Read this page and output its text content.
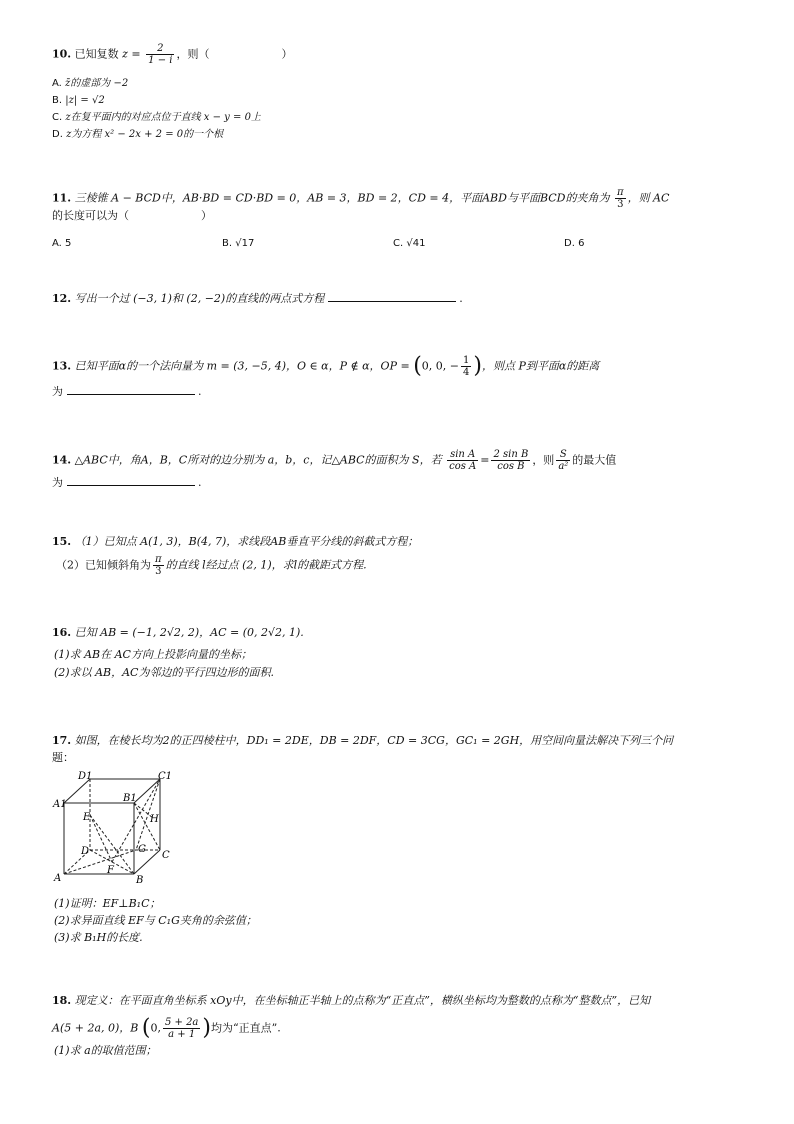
10. 已知复数 $z = \frac{2}{1 - i}$ ，则（	）
A. z̄的虚部为 −2
B. |z| = √2
C. z在复平面内的对应点位于直线 x − y = 0上
D. z为方程 x² − 2x + 2 = 0的一个根
11. 三棱锥 A − BCD中，AB·BD = CD·BD = 0，AB = 3，BD = 2，CD = 4，平面ABD与平面BCD的夹角为 $\frac{\pi}{3}$ ，则 AC
的长度可以为（	）
A. 5	B. √17	C. √41	D. 6
12. 写出一个过 (−3, 1)和 (2, −2)的直线的两点式方程	.
13. 已知平面α的一个法向量为 m = (3, −5, 4)，O ∈ α，P ∉ α，OP = (0, 0, − $\frac{1}{4}$ )，则点 P到平面α的距离
为	.
14. △ABC中，角A，B，C所对的边分别为 a，b，c，记△ABC的面积为 S，若 $\frac{\text{sin A}}{\text{cos A}} = \frac{\text{2 sin B}}{\text{cos B}}$ ，则 $\frac{S}{\text{a²}}$ 的最大值
为	.
15. （1）已知点 A(1, 3)，B(4, 7)，求线段AB垂直平分线的斜截式方程；
（2）已知倾斜角为 $\frac{\pi}{3}$ 的直线 l经过点 (2, 1)，求l的截距式方程.
16. 已知 AB = (−1, 2√2, 2)，AC = (0, 2√2, 1).
(1)求 AB在 AC方向上投影向量的坐标；
(2)求以 AB，AC为邻边的平行四边形的面积.
17. 如图，在棱长均为2的正四棱柱中，DD₁ = 2DE，DB = 2DF，CD = 3CG，GC₁ = 2GH，用空间向量法解决下列三个问
题：
D1	C1
A1
B1
E	H
G
D	C
F
A	B
(1)证明：EF⊥B₁C；
(2)求异面直线 EF与 C₁G夹角的余弦值；
(3)求 B₁H的长度.
18. 现定义：在平面直角坐标系 xOy中，在坐标轴正半轴上的点称为“正直点”，横纵坐标均为整数的点称为“整数点”，已知
A(5 + 2a, 0)，B (0, $\frac{5 + 2a}{a + 1}$ )均为“正直点”.
(1)求 a的取值范围；
